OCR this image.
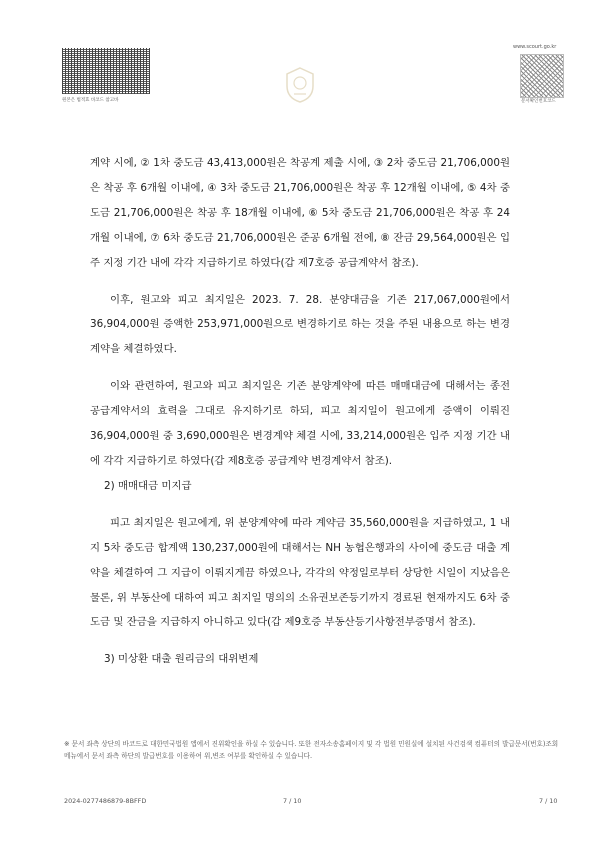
원본은 법적효 바코드 참고바
www.scourt.go.kr
문서확인번호코드

계약 시에, ② 1차 중도금 43,413,000원은 착공계 제출 시에, ③ 2차 중도금 21,706,000원은 착공 후 6개월 이내에, ④ 3차 중도금 21,706,000원은 착공 후 12개월 이내에, ⑤ 4차 중도금 21,706,000원은 착공 후 18개월 이내에, ⑥ 5차 중도금 21,706,000원은 착공 후 24개월 이내에, ⑦ 6차 중도금 21,706,000원은 준공 6개월 전에, ⑧ 잔금 29,564,000원은 입주 지정 기간 내에 각각 지급하기로 하였다(갑 제7호증 공급계약서 참조).

이후, 원고와 피고 최지일은 2023. 7. 28. 분양대금을 기존 217,067,000원에서 36,904,000원 증액한 253,971,000원으로 변경하기로 하는 것을 주된 내용으로 하는 변경계약을 체결하였다.

이와 관련하여, 원고와 피고 최지일은 기존 분양계약에 따른 매매대금에 대해서는 종전 공급계약서의 효력을 그대로 유지하기로 하되, 피고 최지일이 원고에게 증액이 이뤄진 36,904,000원 중 3,690,000원은 변경계약 체결 시에, 33,214,000원은 입주 지정 기간 내에 각각 지급하기로 하였다(갑 제8호증 공급계약 변경계약서 참조).

2) 매매대금 미지급

피고 최지일은 원고에게, 위 분양계약에 따라 계약금 35,560,000원을 지급하였고, 1 내지 5차 중도금 합계액 130,237,000원에 대해서는 NH 농협은행과의 사이에 중도금 대출 계약을 체결하여 그 지급이 이뤄지게끔 하였으나, 각각의 약정일로부터 상당한 시일이 지났음은 물론, 위 부동산에 대하여 피고 최지일 명의의 소유권보존등기까지 경료된 현재까지도 6차 중도금 및 잔금을 지급하지 아니하고 있다(갑 제9호증 부동산등기사항전부증명서 참조).

3) 미상환 대출 원리금의 대위변제

※ 문서 좌측 상단의 바코드로 대한민국법원 앱에서 진위확인을 하실 수 있습니다. 또한 전자소송홈페이지 및 각 법원 민원실에 설치된 사건검색 컴퓨터의 발급문서(번호)조회 메뉴에서 문서 좌측 하단의 발급번호를 이용하여 위,변조 여부를 확인하실 수 있습니다.
2024-0277486879-8BFFD	7 / 10	7 / 10
